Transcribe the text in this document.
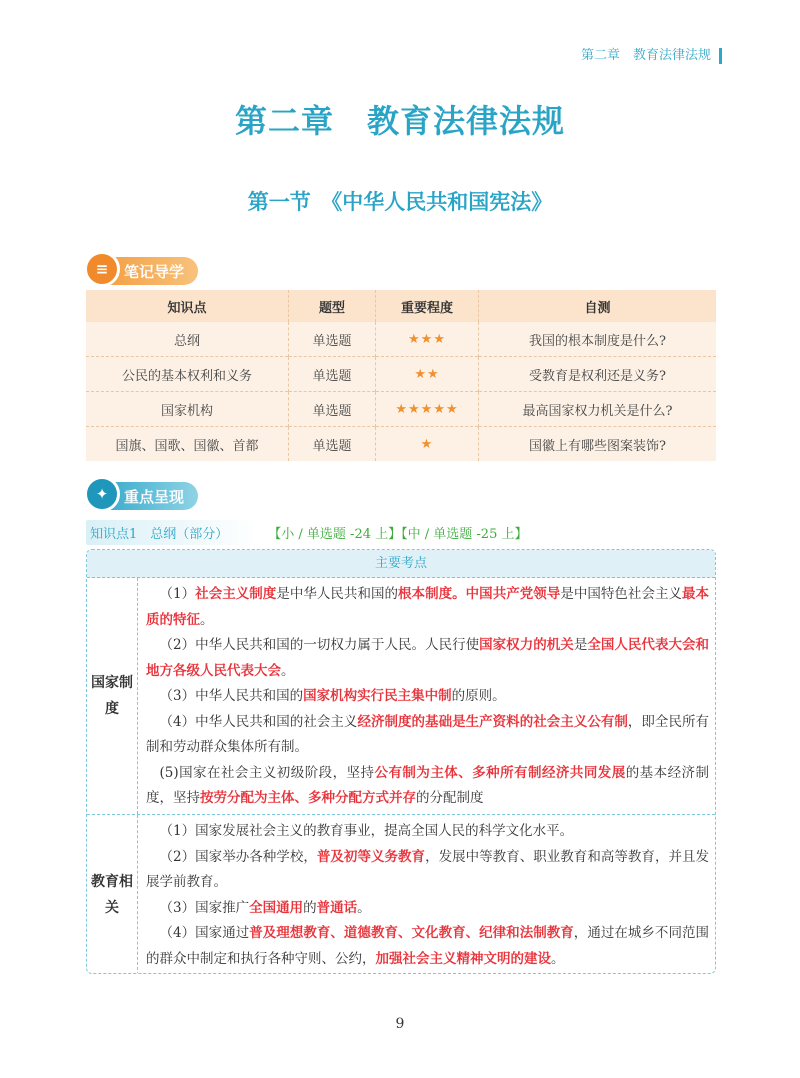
第二章　教育法律法规
第二章　教育法律法规
第一节　《中华人民共和国宪法》
≡	笔记导学
知识点	题型	重要程度	自测
总纲	单选题	★★★	我国的根本制度是什么?
公民的基本权利和义务	单选题	★★	受教育是权利还是义务?
国家机构	单选题	★★★★★	最高国家权力机关是什么?
国旗、国歌、国徽、首都	单选题	★	国徽上有哪些图案装饰?
✦	重点呈现
知识点1　总纲（部分）	【小 / 单选题 -24 上】【中 / 单选题 -25 上】
主要考点
国家制度

（1）社会主义制度是中华人民共和国的根本制度。中国共产党领导是中国特色社会主义最本质的特征。

（2）中华人民共和国的一切权力属于人民。人民行使国家权力的机关是全国人民代表大会和地方各级人民代表大会。

（3）中华人民共和国的国家机构实行民主集中制的原则。

（4）中华人民共和国的社会主义经济制度的基础是生产资料的社会主义公有制，即全民所有制和劳动群众集体所有制。

(5)国家在社会主义初级阶段，坚持公有制为主体、多种所有制经济共同发展的基本经济制度，坚持按劳分配为主体、多种分配方式并存的分配制度

教育相关

（1）国家发展社会主义的教育事业，提高全国人民的科学文化水平。

（2）国家举办各种学校，普及初等义务教育，发展中等教育、职业教育和高等教育，并且发展学前教育。

（3）国家推广全国通用的普通话。

（4）国家通过普及理想教育、道德教育、文化教育、纪律和法制教育，通过在城乡不同范围的群众中制定和执行各种守则、公约，加强社会主义精神文明的建设。

9
